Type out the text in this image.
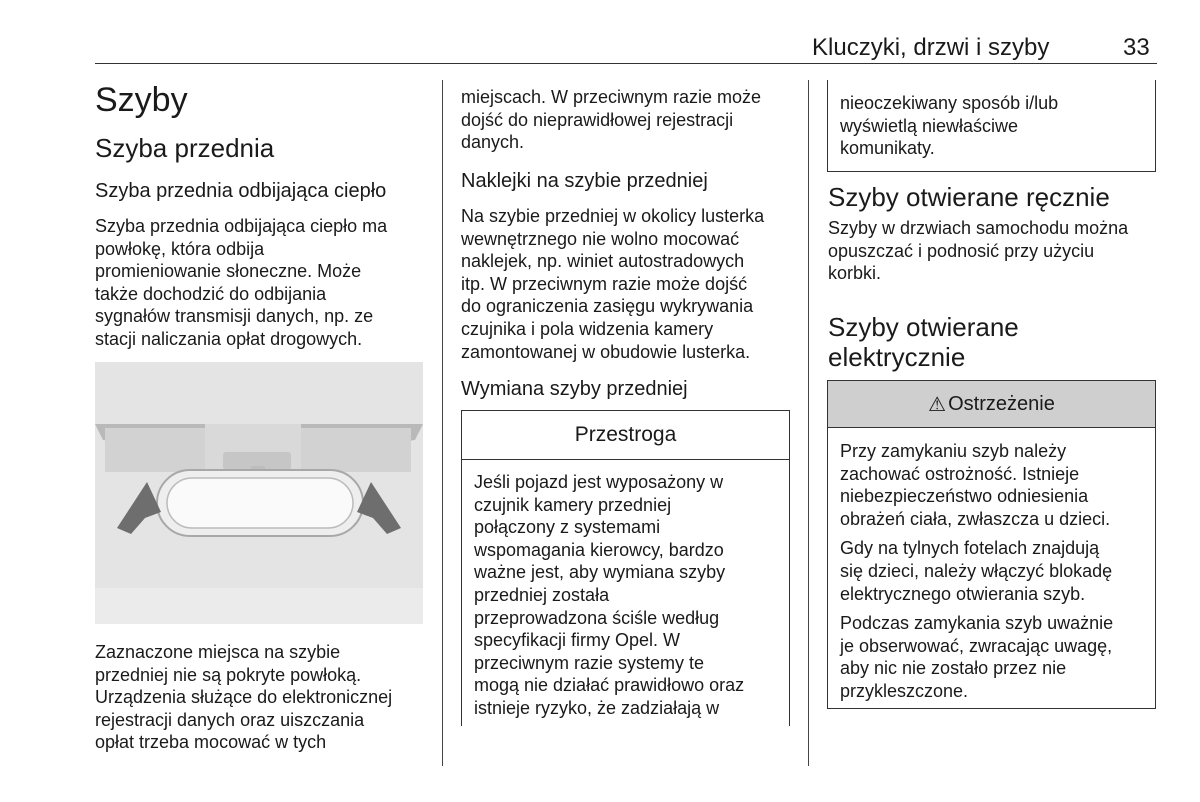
Kluczyki, drzwi i szyby	33
Szyby
Szyba przednia
Szyba przednia odbijająca ciepło
Szyba przednia odbijająca ciepło ma
powłokę, która odbija
promieniowanie słoneczne. Może
także dochodzić do odbijania
sygnałów transmisji danych, np. ze
stacji naliczania opłat drogowych.
Zaznaczone miejsca na szybie
przedniej nie są pokryte powłoką.
Urządzenia służące do elektronicznej
rejestracji danych oraz uiszczania
opłat trzeba mocować w tych
miejscach. W przeciwnym razie może
dojść do nieprawidłowej rejestracji
danych.
Naklejki na szybie przedniej
Na szybie przedniej w okolicy lusterka
wewnętrznego nie wolno mocować
naklejek, np. winiet autostradowych
itp. W przeciwnym razie może dojść
do ograniczenia zasięgu wykrywania
czujnika i pola widzenia kamery
zamontowanej w obudowie lusterka.
Wymiana szyby przedniej
Przestroga
Jeśli pojazd jest wyposażony w
czujnik kamery przedniej
połączony z systemami
wspomagania kierowcy, bardzo
ważne jest, aby wymiana szyby
przedniej została
przeprowadzona ściśle według
specyfikacji firmy Opel. W
przeciwnym razie systemy te
mogą nie działać prawidłowo oraz
istnieje ryzyko, że zadziałają w
nieoczekiwany sposób i/lub
wyświetlą niewłaściwe
komunikaty.
Szyby otwierane ręcznie
Szyby w drzwiach samochodu można
opuszczać i podnosić przy użyciu
korbki.
Szyby otwierane
elektrycznie
⚠ Ostrzeżenie
Przy zamykaniu szyb należy
zachować ostrożność. Istnieje
niebezpieczeństwo odniesienia
obrażeń ciała, zwłaszcza u dzieci.
Gdy na tylnych fotelach znajdują
się dzieci, należy włączyć blokadę
elektrycznego otwierania szyb.
Podczas zamykania szyb uważnie
je obserwować, zwracając uwagę,
aby nic nie zostało przez nie
przykleszczone.
